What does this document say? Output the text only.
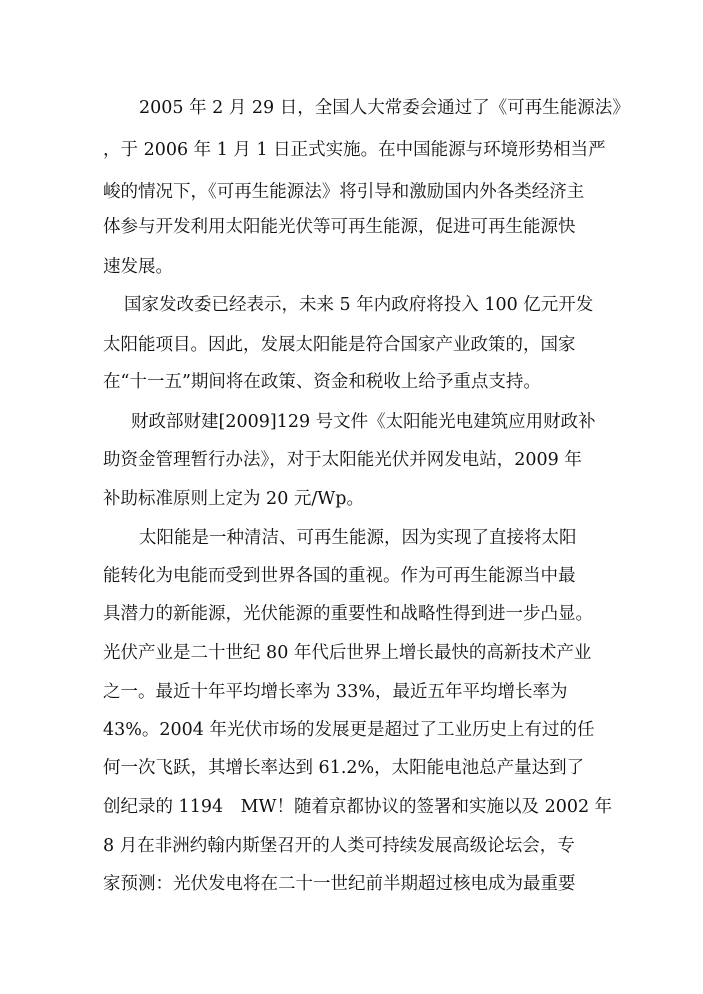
2005 年 2 月 29 日，全国人大常委会通过了《可再生能源法》
，于 2006 年 1 月 1 日正式实施。在中国能源与环境形势相当严
峻的情况下，《可再生能源法》将引导和激励国内外各类经济主
体参与开发利用太阳能光伏等可再生能源，促进可再生能源快
速发展。
国家发改委已经表示，未来 5 年内政府将投入 100 亿元开发
太阳能项目。因此，发展太阳能是符合国家产业政策的，国家
在“十一五”期间将在政策、资金和税收上给予重点支持。
财政部财建[2009]129 号文件《太阳能光电建筑应用财政补
助资金管理暂行办法》，对于太阳能光伏并网发电站，2009 年
补助标准原则上定为 20 元/Wp。
太阳能是一种清洁、可再生能源，因为实现了直接将太阳
能转化为电能而受到世界各国的重视。作为可再生能源当中最
具潜力的新能源，光伏能源的重要性和战略性得到进一步凸显。
光伏产业是二十世纪 80 年代后世界上增长最快的高新技术产业
之一。最近十年平均增长率为 33%，最近五年平均增长率为
43%。2004 年光伏市场的发展更是超过了工业历史上有过的任
何一次飞跃，其增长率达到 61.2%，太阳能电池总产量达到了
创纪录的 1194　MW！随着京都协议的签署和实施以及 2002 年
8 月在非洲约翰内斯堡召开的人类可持续发展高级论坛会，专
家预测：光伏发电将在二十一世纪前半期超过核电成为最重要
